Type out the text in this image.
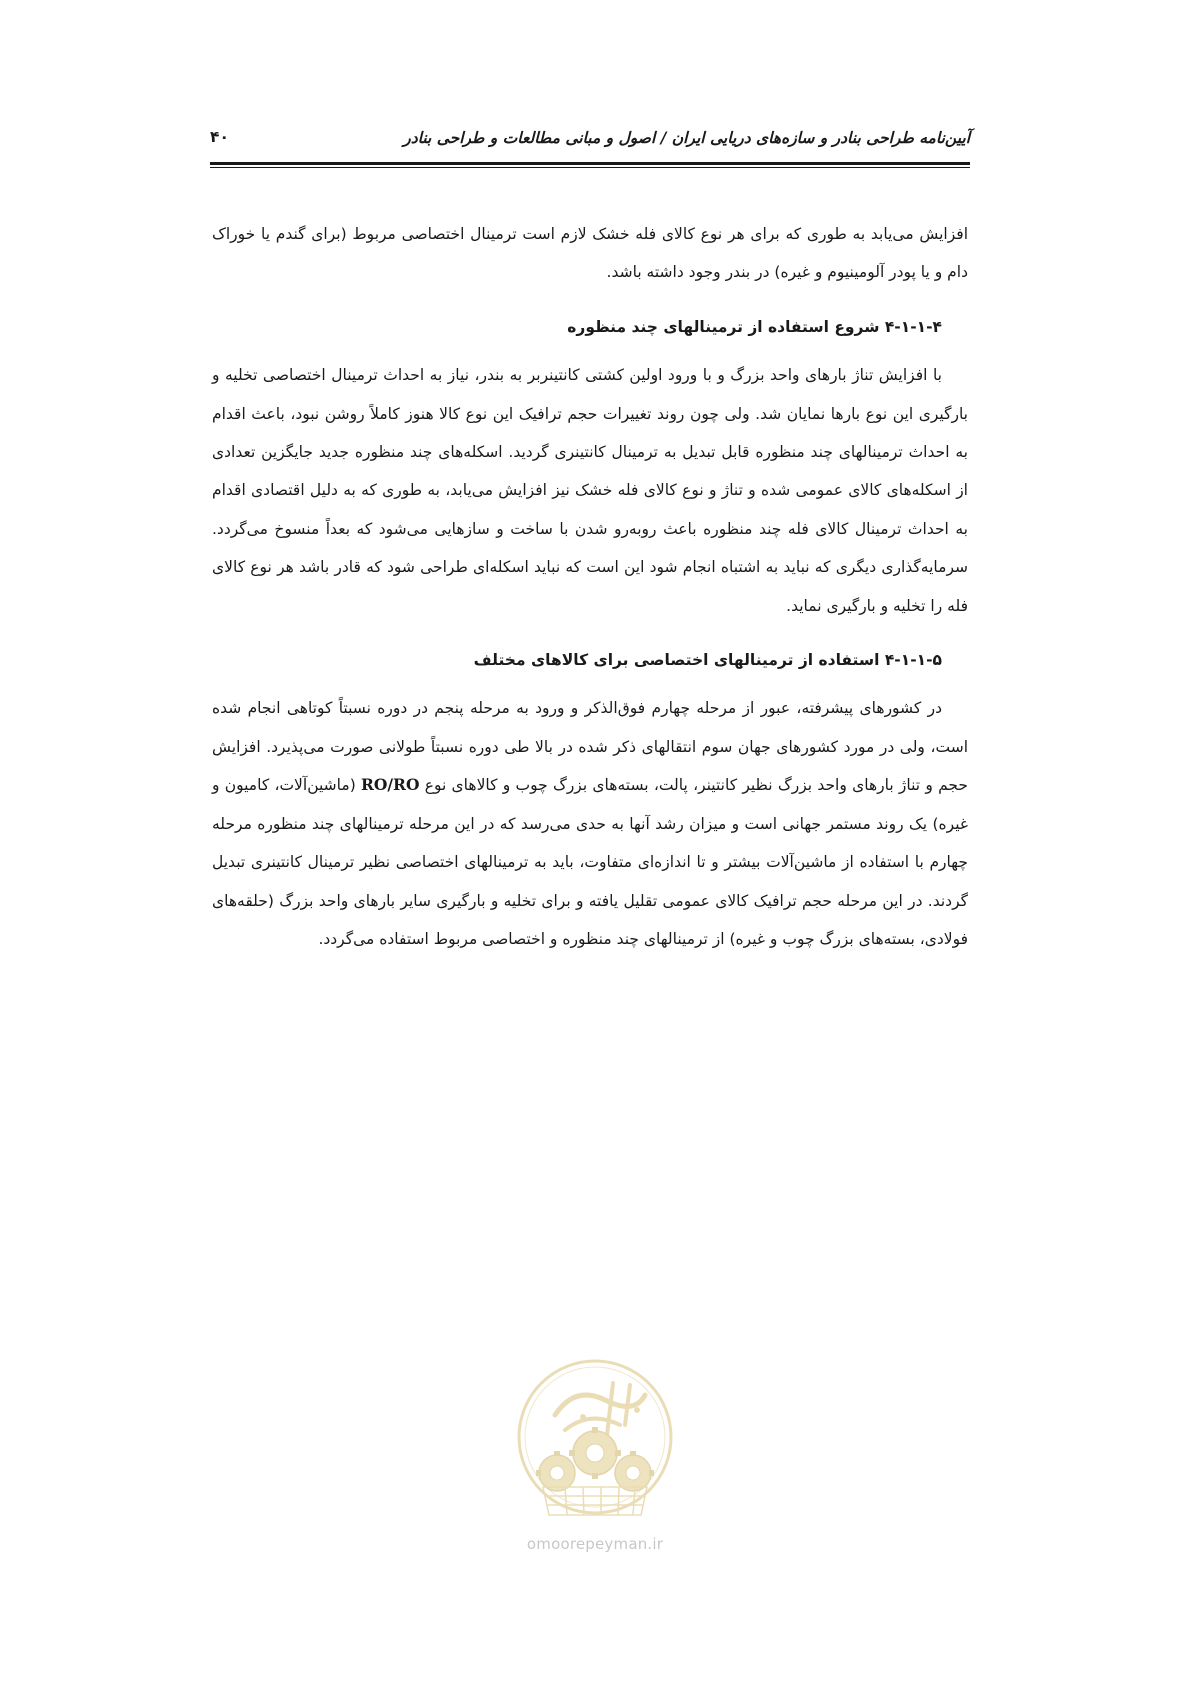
آیین‌نامه طراحی بنادر و سازه‌های دریایی ایران / اصول و مبانی مطالعات و طراحی بنادر
۴۰

افزایش می‌یابد به طوری که برای هر نوع کالای فله خشک لازم است ترمینال اختصاصی مربوط (برای گندم یا خوراک دام و یا پودر آلومینیوم و غیره) در بندر وجود داشته باشد.

۴-۱-۱-۴ شروع استفاده از ترمینالهای چند منظوره

با افزایش تناژ بارهای واحد بزرگ و با ورود اولین کشتی کانتینربر به بندر، نیاز به احداث ترمینال اختصاصی تخلیه و بارگیری این نوع بارها نمایان شد. ولی چون روند تغییرات حجم ترافیک این نوع کالا هنوز کاملاً روشن نبود، باعث اقدام به احداث ترمینالهای چند منظوره قابل تبدیل به ترمینال کانتینری گردید. اسکله‌های چند منظوره جدید جایگزین تعدادی از اسکله‌های کالای عمومی شده و تناژ و نوع کالای فله خشک نیز افزایش می‌یابد، به طوری که به دلیل اقتصادی اقدام به احداث ترمینال کالای فله چند منظوره باعث روبه‌رو شدن با ساخت و سازهایی می‌شود که بعداً منسوخ می‌گردد. سرمایه‌گذاری دیگری که نباید به اشتباه انجام شود این است که نباید اسکله‌ای طراحی شود که قادر باشد هر نوع کالای فله را تخلیه و بارگیری نماید.

۴-۱-۱-۵ استفاده از ترمینالهای اختصاصی برای کالاهای مختلف

در کشورهای پیشرفته، عبور از مرحله چهارم فوق‌الذکر و ورود به مرحله پنجم در دوره نسبتاً کوتاهی انجام شده است، ولی در مورد کشورهای جهان سوم انتقالهای ذکر شده در بالا طی دوره نسبتاً طولانی صورت می‌پذیرد. افزایش حجم و تناژ بارهای واحد بزرگ نظیر کانتینر، پالت، بسته‌های بزرگ چوب و کالاهای نوع RO/RO (ماشین‌آلات، کامیون و غیره) یک روند مستمر جهانی است و میزان رشد آنها به حدی می‌رسد که در این مرحله ترمینالهای چند منظوره مرحله چهارم با استفاده از ماشین‌آلات بیشتر و تا اندازه‌ای متفاوت، باید به ترمینالهای اختصاصی نظیر ترمینال کانتینری تبدیل گردند. در این مرحله حجم ترافیک کالای عمومی تقلیل یافته و برای تخلیه و بارگیری سایر بارهای واحد بزرگ (حلقه‌های فولادی، بسته‌های بزرگ چوب و غیره) از ترمینالهای چند منظوره و اختصاصی مربوط استفاده می‌گردد.

omoorepeyman.ir
